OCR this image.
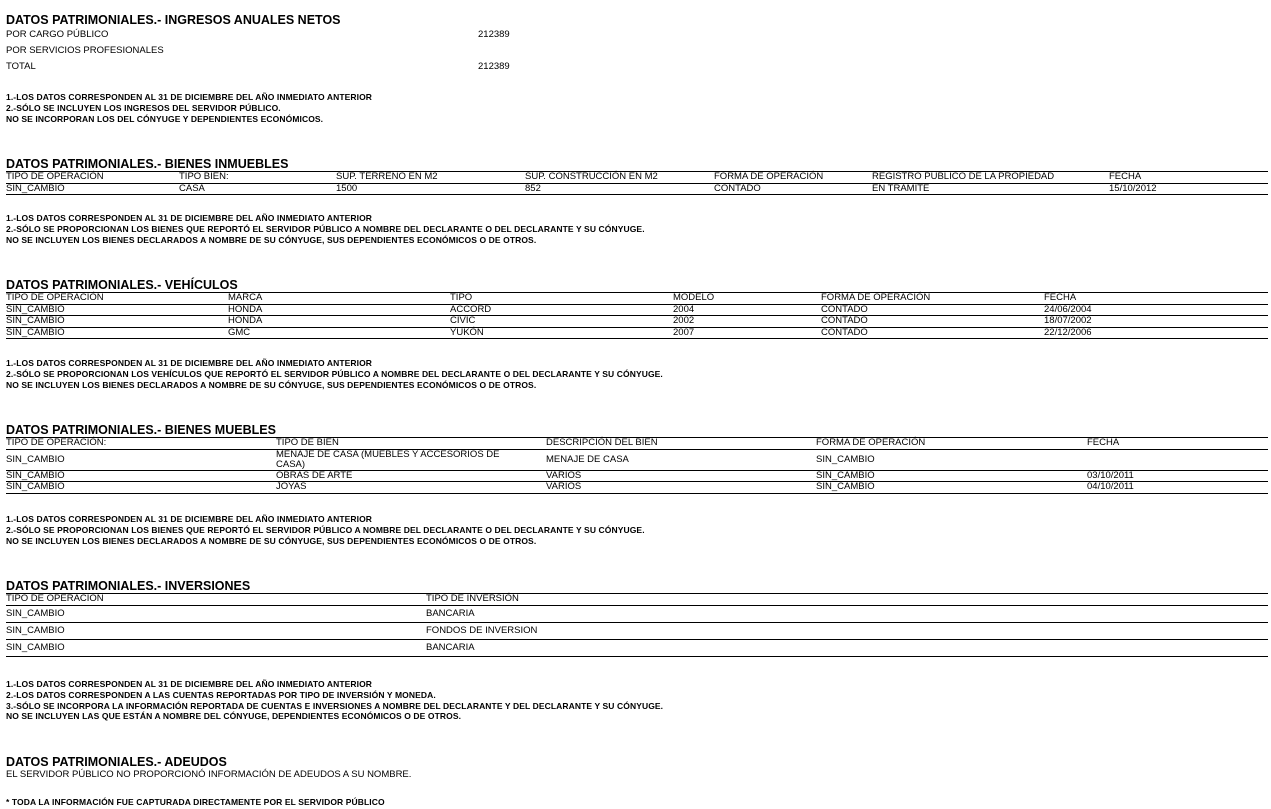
DATOS PATRIMONIALES.- INGRESOS ANUALES NETOS
POR CARGO PÚBLICO	212389
POR SERVICIOS PROFESIONALES
TOTAL	212389
1.-LOS DATOS CORRESPONDEN AL 31 DE DICIEMBRE DEL AÑO INMEDIATO ANTERIOR
2.-SÓLO SE INCLUYEN LOS INGRESOS DEL SERVIDOR PÚBLICO.
NO SE INCORPORAN LOS DEL CÓNYUGE Y DEPENDIENTES ECONÓMICOS.
DATOS PATRIMONIALES.- BIENES INMUEBLES
TIPO DE OPERACIÓN	TIPO BIEN:	SUP. TERRENO EN M2	SUP. CONSTRUCCIÓN EN M2	FORMA DE OPERACIÓN	REGISTRO PUBLICO DE LA PROPIEDAD	FECHA
SIN_CAMBIO	CASA	1500	852	CONTADO	EN TRÁMITE	15/10/2012
1.-LOS DATOS CORRESPONDEN AL 31 DE DICIEMBRE DEL AÑO INMEDIATO ANTERIOR
2.-SÓLO SE PROPORCIONAN LOS BIENES QUE REPORTÓ EL SERVIDOR PÚBLICO A NOMBRE DEL DECLARANTE O DEL DECLARANTE Y SU CÓNYUGE.
NO SE INCLUYEN LOS BIENES DECLARADOS A NOMBRE DE SU CÓNYUGE, SUS DEPENDIENTES ECONÓMICOS O DE OTROS.
DATOS PATRIMONIALES.- VEHÍCULOS
TIPO DE OPERACIÓN	MARCA	TIPO	MODELO	FORMA DE OPERACIÓN	FECHA
SIN_CAMBIO	HONDA	ACCORD	2004	CONTADO	24/06/2004
SIN_CAMBIO	HONDA	CIVIC	2002	CONTADO	18/07/2002
SIN_CAMBIO	GMC	YUKÓN	2007	CONTADO	22/12/2006
1.-LOS DATOS CORRESPONDEN AL 31 DE DICIEMBRE DEL AÑO INMEDIATO ANTERIOR
2.-SÓLO SE PROPORCIONAN LOS VEHÍCULOS QUE REPORTÓ EL SERVIDOR PÚBLICO A NOMBRE DEL DECLARANTE O DEL DECLARANTE Y SU CÓNYUGE.
NO SE INCLUYEN LOS BIENES DECLARADOS A NOMBRE DE SU CÓNYUGE, SUS DEPENDIENTES ECONÓMICOS O DE OTROS.
DATOS PATRIMONIALES.- BIENES MUEBLES
TIPO DE OPERACIÓN:	TIPO DE BIEN	DESCRIPCIÓN DEL BIEN	FORMA DE OPERACIÓN	FECHA
SIN_CAMBIO	MENAJE DE CASA (MUEBLES Y ACCESORIOS DE CASA)	MENAJE DE CASA	SIN_CAMBIO	
SIN_CAMBIO	OBRAS DE ARTE	VARIOS	SIN_CAMBIO	03/10/2011
SIN_CAMBIO	JOYAS	VARIOS	SIN_CAMBIO	04/10/2011
1.-LOS DATOS CORRESPONDEN AL 31 DE DICIEMBRE DEL AÑO INMEDIATO ANTERIOR
2.-SÓLO SE PROPORCIONAN LOS BIENES QUE REPORTÓ EL SERVIDOR PÚBLICO A NOMBRE DEL DECLARANTE O DEL DECLARANTE Y SU CÓNYUGE.
NO SE INCLUYEN LOS BIENES DECLARADOS A NOMBRE DE SU CÓNYUGE, SUS DEPENDIENTES ECONÓMICOS O DE OTROS.
DATOS PATRIMONIALES.- INVERSIONES
TIPO DE OPERACION	TIPO DE INVERSIÓN
SIN_CAMBIO	BANCARIA
SIN_CAMBIO	FONDOS DE INVERSION
SIN_CAMBIO	BANCARIA
1.-LOS DATOS CORRESPONDEN AL 31 DE DICIEMBRE DEL AÑO INMEDIATO ANTERIOR
2.-LOS DATOS CORRESPONDEN A LAS CUENTAS REPORTADAS POR TIPO DE INVERSIÓN Y MONEDA.
3.-SÓLO SE INCORPORA LA INFORMACIÓN REPORTADA DE CUENTAS E INVERSIONES A NOMBRE DEL DECLARANTE Y DEL DECLARANTE Y SU CÓNYUGE.
NO SE INCLUYEN LAS QUE ESTÁN A NOMBRE DEL CÓNYUGE, DEPENDIENTES ECONÓMICOS O DE OTROS.
DATOS PATRIMONIALES.- ADEUDOS
EL SERVIDOR PÚBLICO NO PROPORCIONÓ INFORMACIÓN DE ADEUDOS A SU NOMBRE.
* TODA LA INFORMACIÓN FUE CAPTURADA DIRECTAMENTE POR EL SERVIDOR PÚBLICO
